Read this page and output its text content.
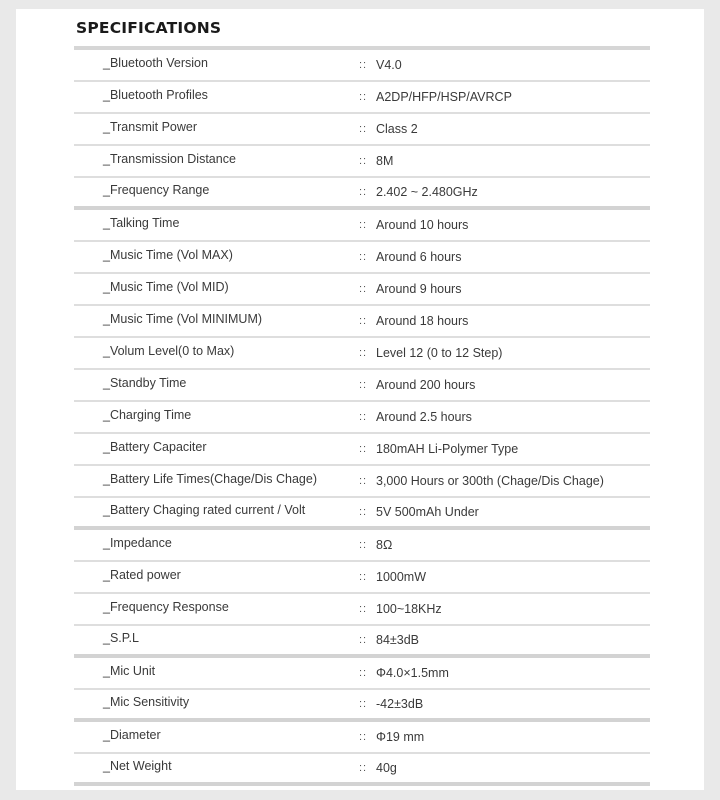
SPECIFICATIONS
_Bluetooth Version	:: V4.0
_Bluetooth Profiles	:: A2DP/HFP/HSP/AVRCP
_Transmit Power	:: Class 2
_Transmission Distance	:: 8M
_Frequency Range	:: 2.402 ~ 2.480GHz
_Talking Time	:: Around 10 hours
_Music Time (Vol MAX)	:: Around 6 hours
_Music Time (Vol MID)	:: Around 9 hours
_Music Time (Vol MINIMUM)	:: Around 18 hours
_Volum Level(0 to Max)	:: Level 12 (0 to 12 Step)
_Standby Time	:: Around 200 hours
_Charging Time	:: Around 2.5 hours
_Battery Capaciter	:: 180mAH Li-Polymer Type
_Battery Life Times(Chage/Dis Chage)	:: 3,000 Hours or 300th (Chage/Dis Chage)
_Battery Chaging rated current / Volt	:: 5V 500mAh Under
_Impedance	:: 8Ω
_Rated power	:: 1000mW
_Frequency Response	:: 100~18KHz
_S.P.L	:: 84±3dB
_Mic Unit	:: Φ4.0×1.5mm
_Mic Sensitivity	:: -42±3dB
_Diameter	:: Φ19 mm
_Net Weight	:: 40g
